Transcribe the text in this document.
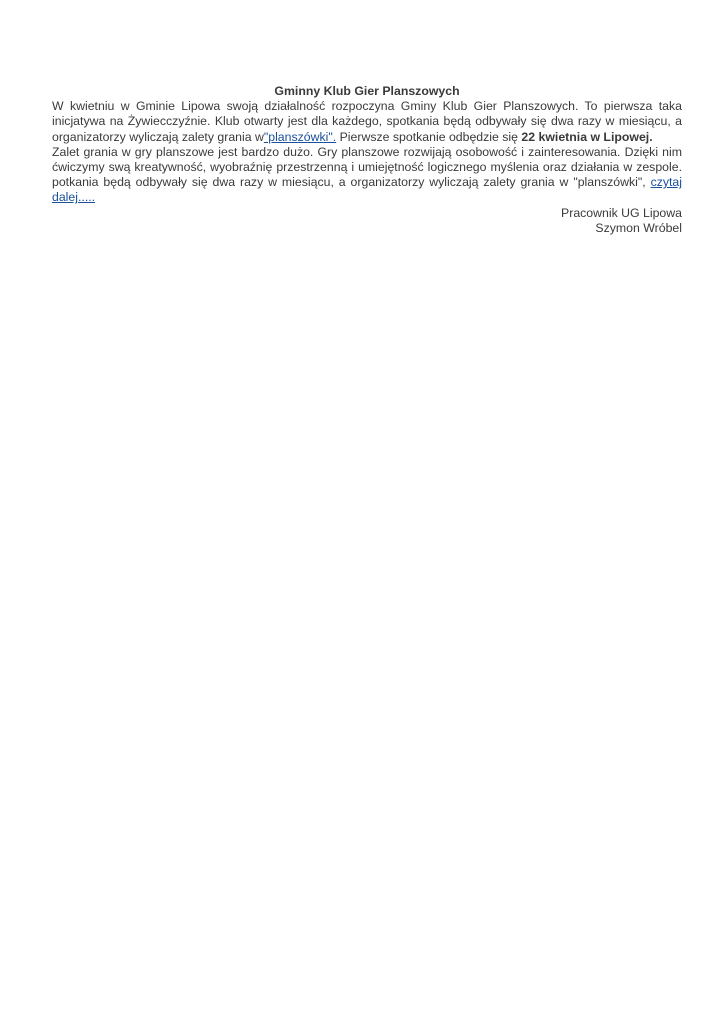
Gminny Klub Gier Planszowych

W kwietniu w Gminie Lipowa swoją działalność rozpoczyna Gminy Klub Gier Planszowych. To pierwsza taka inicjatywa na Żywiecczyźnie. Klub otwarty jest dla każdego, spotkania będą odbywały się dwa razy w miesiącu, a organizatorzy wyliczają zalety grania w"planszówki". Pierwsze spotkanie odbędzie się 22 kwietnia w Lipowej.

Zalet grania w gry planszowe jest bardzo dużo. Gry planszowe rozwijają osobowość i zainteresowania. Dzięki nim ćwiczymy swą kreatywność, wyobraźnię przestrzenną i umiejętność logicznego myślenia oraz działania w zespole. potkania będą odbywały się dwa razy w miesiącu, a organizatorzy wyliczają zalety grania w "planszówki", czytaj dalej.....

Pracownik UG Lipowa
Szymon Wróbel
